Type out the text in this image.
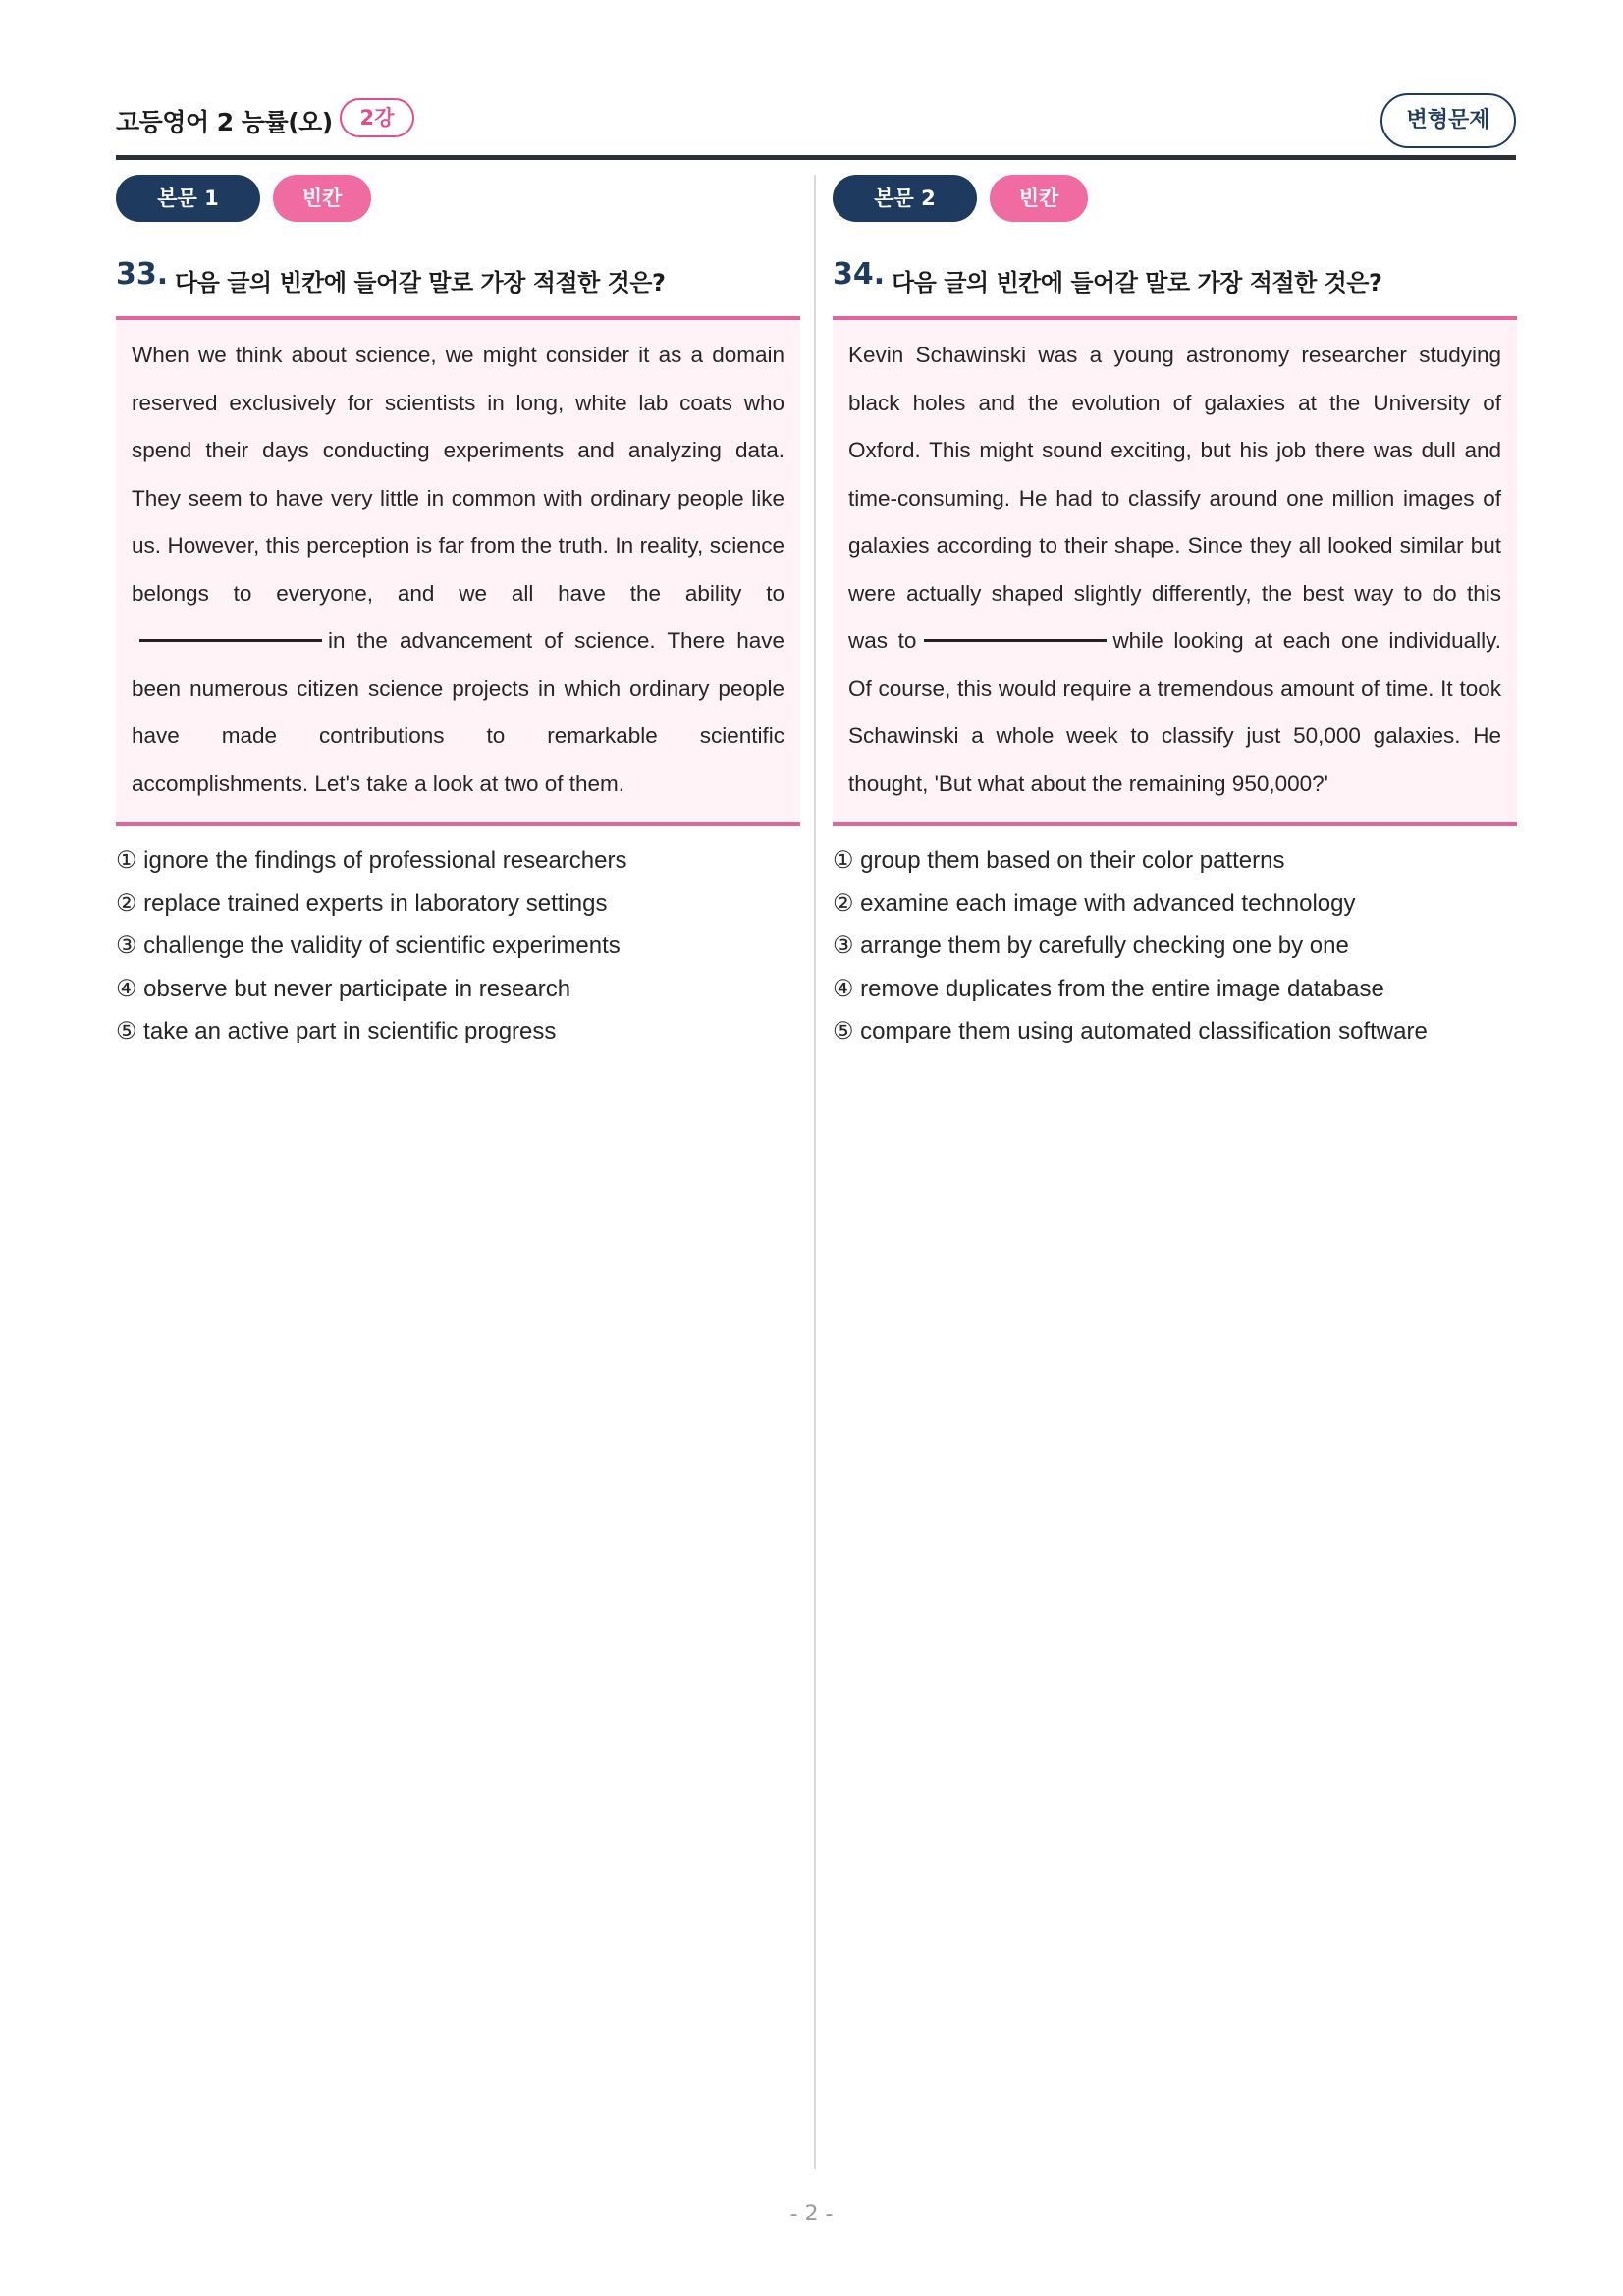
고등영어 2 능률(오)	2강	변형문제
본문 1	빈칸
33. 다음 글의 빈칸에 들어갈 말로 가장 적절한 것은?

When we think about science, we might consider it as a domain reserved exclusively for scientists in long, white lab coats who spend their days conducting experiments and analyzing data. They seem to have very little in common with ordinary people like us. However, this perception is far from the truth. In reality, science belongs to everyone, and we all have the ability toin the advancement of science. There have been numerous citizen science projects in which ordinary people have made contributions to remarkable scientific accomplishments. Let's take a look at two of them.

① ignore the findings of professional researchers
② replace trained experts in laboratory settings
③ challenge the validity of scientific experiments
④ observe but never participate in research
⑤ take an active part in scientific progress
본문 2	빈칸
34. 다음 글의 빈칸에 들어갈 말로 가장 적절한 것은?

Kevin Schawinski was a young astronomy researcher studying black holes and the evolution of galaxies at the University of Oxford. This might sound exciting, but his job there was dull and time-consuming. He had to classify around one million images of galaxies according to their shape. Since they all looked similar but were actually shaped slightly differently, the best way to do this was to	while looking at each one individually. Of course, this would require a tremendous amount of time. It took Schawinski a whole week to classify just 50,000 galaxies. He thought, 'But what about the remaining 950,000?'

① group them based on their color patterns
② examine each image with advanced technology
③ arrange them by carefully checking one by one
④ remove duplicates from the entire image database
⑤ compare them using automated classification software
- 2 -
